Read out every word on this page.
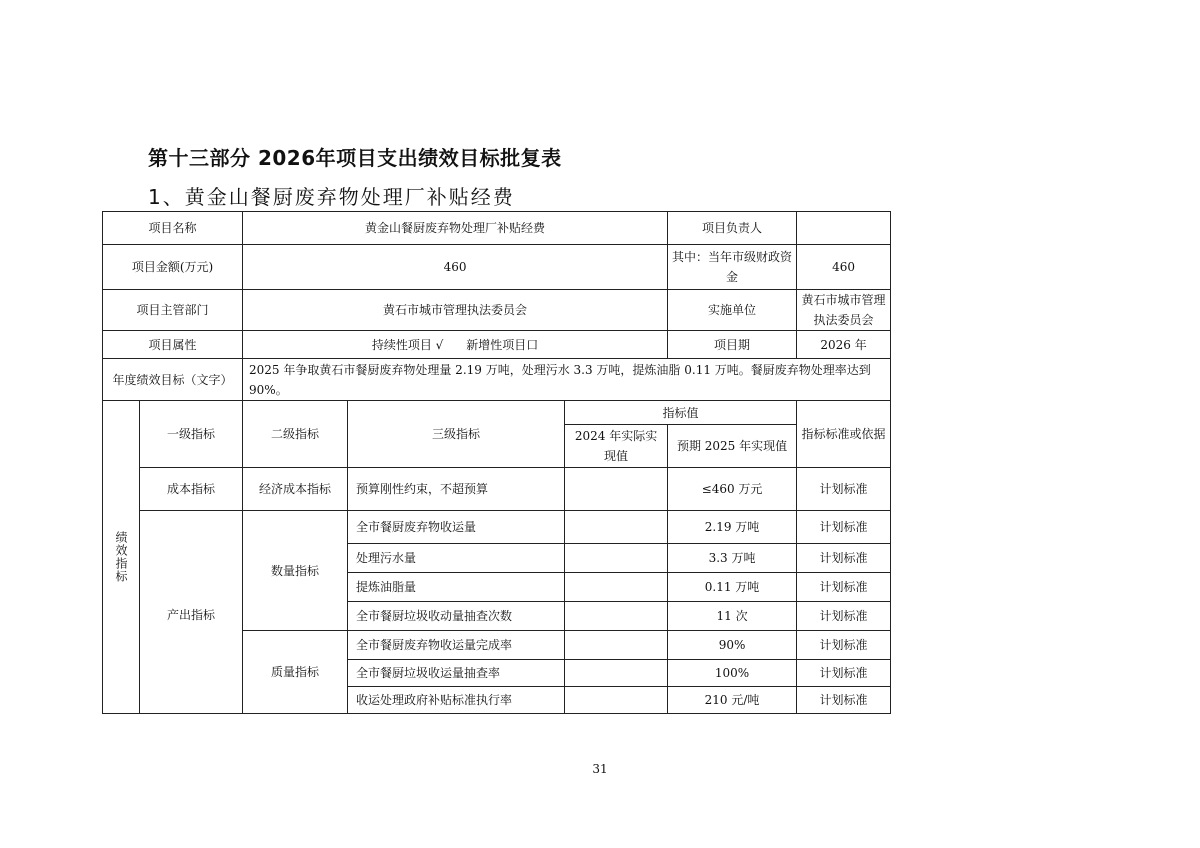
第十三部分 2026年项目支出绩效目标批复表
1、黄金山餐厨废弃物处理厂补贴经费
项目名称		黄金山餐厨废弃物处理厂补贴经费			项目负责人	
项目金额(万元)		460			其中：当年市级财政资金	460
项目主管部门		黄石市城市管理执法委员会			实施单位	黄石市城市管理执法委员会
项目属性		持续性项目 √      新增性项目口			项目期	2026 年
年度绩效目标（文字）		2025 年争取黄石市餐厨废弃物处理量 2.19 万吨，处理污水 3.3 万吨，提炼油脂 0.11 万吨。餐厨废弃物处理率达到 90%。				
绩效指标	一级指标	二级指标	三级指标	指标值		指标标准或依据
				2024 年实际实现值	预期 2025 年实现值	
	成本指标	经济成本指标	预算刚性约束，不超预算		≤460 万元	计划标准
	产出指标	数量指标	全市餐厨废弃物收运量		2.19 万吨	计划标准
			处理污水量		3.3 万吨	计划标准
			提炼油脂量		0.11 万吨	计划标准
			全市餐厨垃圾收动量抽查次数		11 次	计划标准
		质量指标	全市餐厨废弃物收运量完成率		90%	计划标准
			全市餐厨垃圾收运量抽查率		100%	计划标准
			收运处理政府补贴标准执行率		210 元/吨	计划标准
31
